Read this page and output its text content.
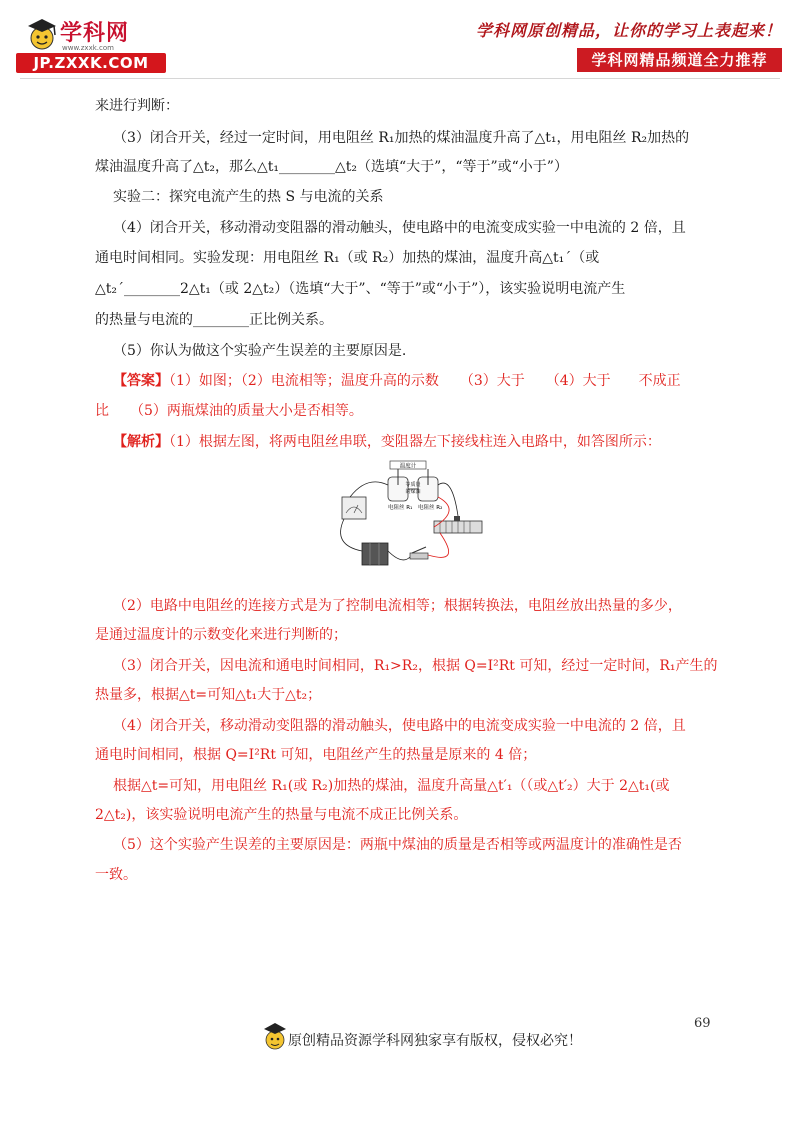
学科网
www.zxxk.com
JP.ZXXK.COM
学科网原创精品，让你的学习上表起来！
学科网精品频道全力推荐
来进行判断：
（3）闭合开关，经过一定时间，用电阻丝 R₁加热的煤油温度升高了△t₁，用电阻丝 R₂加热的
煤油温度升高了△t₂，那么△t₁________△t₂（选填“大于”，“等于”或“小于”）
实验二：探究电流产生的热 S 与电流的关系
（4）闭合开关，移动滑动变阻器的滑动触头，使电路中的电流变成实验一中电流的 2 倍，且
通电时间相同。实验发现：用电阻丝 R₁（或 R₂）加热的煤油，温度升高△t₁ˊ（或
△t₂ˊ________2△t₁（或 2△t₂）（选填“大于”、“等于”或“小于”），该实验说明电流产生
的热量与电流的________正比例关系。
（5）你认为做这个实验产生误差的主要原因是.
【答案】（1）如图；（2）电流相等；温度升高的示数　　（3）大于　　（4）大于　　不成正
比　　（5）两瓶煤油的质量大小是否相等。
【解析】（1）根据左图，将两电阻丝串联，变阻器左下接线柱连入电路中，如答图所示：
温度计
等质量
的煤油
电阻丝 R₁ 电阻丝 R₂
（2）电路中电阻丝的连接方式是为了控制电流相等；根据转换法，电阻丝放出热量的多少，
是通过温度计的示数变化来进行判断的；
（3）闭合开关，因电流和通电时间相同，R₁>R₂，根据 Q=I²Rt 可知，经过一定时间，R₁产生的
热量多，根据△t=可知△t₁大于△t₂；
（4）闭合开关，移动滑动变阻器的滑动触头，使电路中的电流变成实验一中电流的 2 倍，且
通电时间相同，根据 Q=I²Rt 可知，电阻丝产生的热量是原来的 4 倍；
根据△t=可知，用电阻丝 R₁(或 R₂)加热的煤油，温度升高量△t′₁（（或△t′₂）大于 2△t₁(或
2△t₂)，该实验说明电流产生的热量与电流不成正比例关系。
（5）这个实验产生误差的主要原因是：两瓶中煤油的质量是否相等或两温度计的准确性是否
一致。
69
原创精品资源学科网独家享有版权，侵权必究！
